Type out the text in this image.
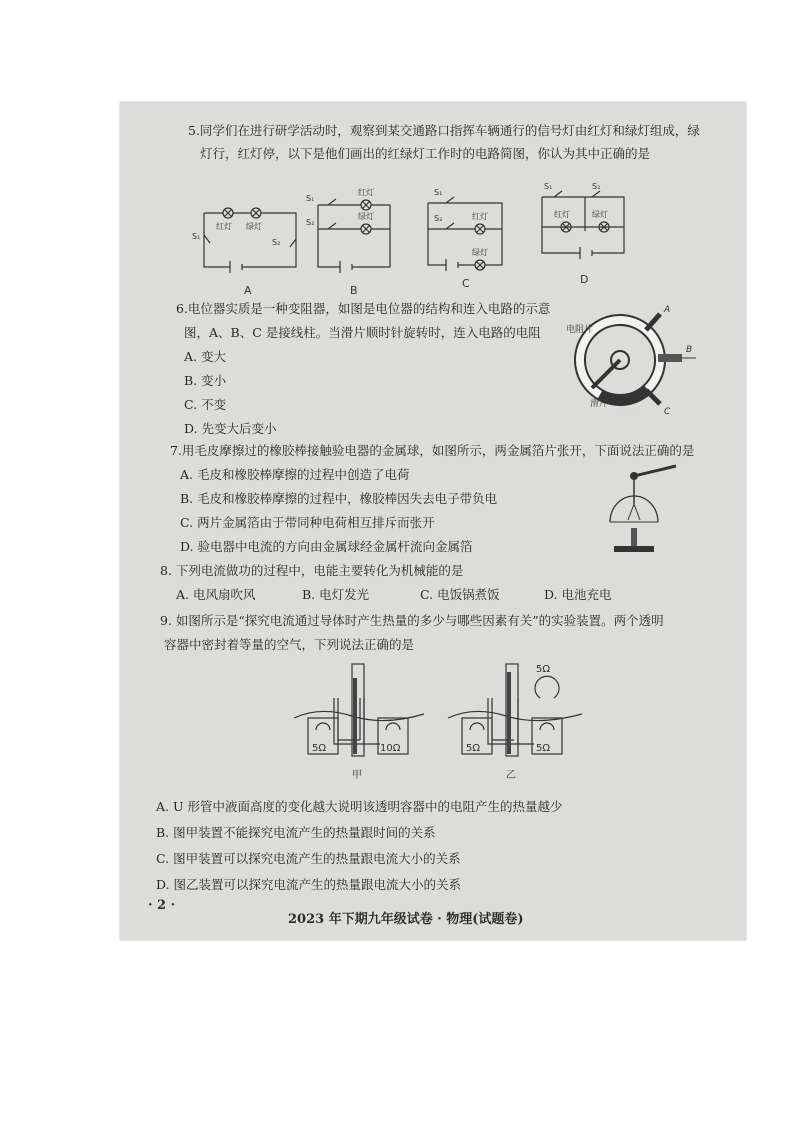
· · ·
5.同学们在进行研学活动时，观察到某交通路口指挥车辆通行的信号灯由红灯和绿灯组成，绿
灯行，红灯停，以下是他们画出的红绿灯工作时的电路简图，你认为其中正确的是
红灯 绿灯
S₁
S₂
S₁
红灯
S₂
绿灯
S₁
红灯
S₂
绿灯
S₁	S₂
红灯	绿灯
A	B
C	D
6.电位器实质是一种变阻器，如图是电位器的结构和连入电路的示意
图，A、B、C 是接线柱。当滑片顺时针旋转时，连入电路的电阻
A. 变大
B. 变小
C. 不变
D. 先变大后变小
A
B
C
电阻片
滑片
7.用毛皮摩擦过的橡胶棒接触验电器的金属球，如图所示，两金属箔片张开，下面说法正确的是
A. 毛皮和橡胶棒摩擦的过程中创造了电荷
B. 毛皮和橡胶棒摩擦的过程中，橡胶棒因失去电子带负电
C. 两片金属箔由于带同种电荷相互排斥而张开
D. 验电器中电流的方向由金属球经金属杆流向金属箔
8. 下列电流做功的过程中，电能主要转化为机械能的是
A. 电风扇吹风	B. 电灯发光	C. 电饭锅煮饭	D. 电池充电
9. 如图所示是“探究电流通过导体时产生热量的多少与哪些因素有关”的实验装置。两个透明
容器中密封着等量的空气，下列说法正确的是
5Ω	10Ω	5Ω	5Ω
5Ω
甲	乙
A. U 形管中液面高度的变化越大说明该透明容器中的电阻产生的热量越少
B. 图甲装置不能探究电流产生的热量跟时间的关系
C. 图甲装置可以探究电流产生的热量跟电流大小的关系
D. 图乙装置可以探究电流产生的热量跟电流大小的关系
· 2 ·
2023 年下期九年级试卷 · 物理(试题卷)
